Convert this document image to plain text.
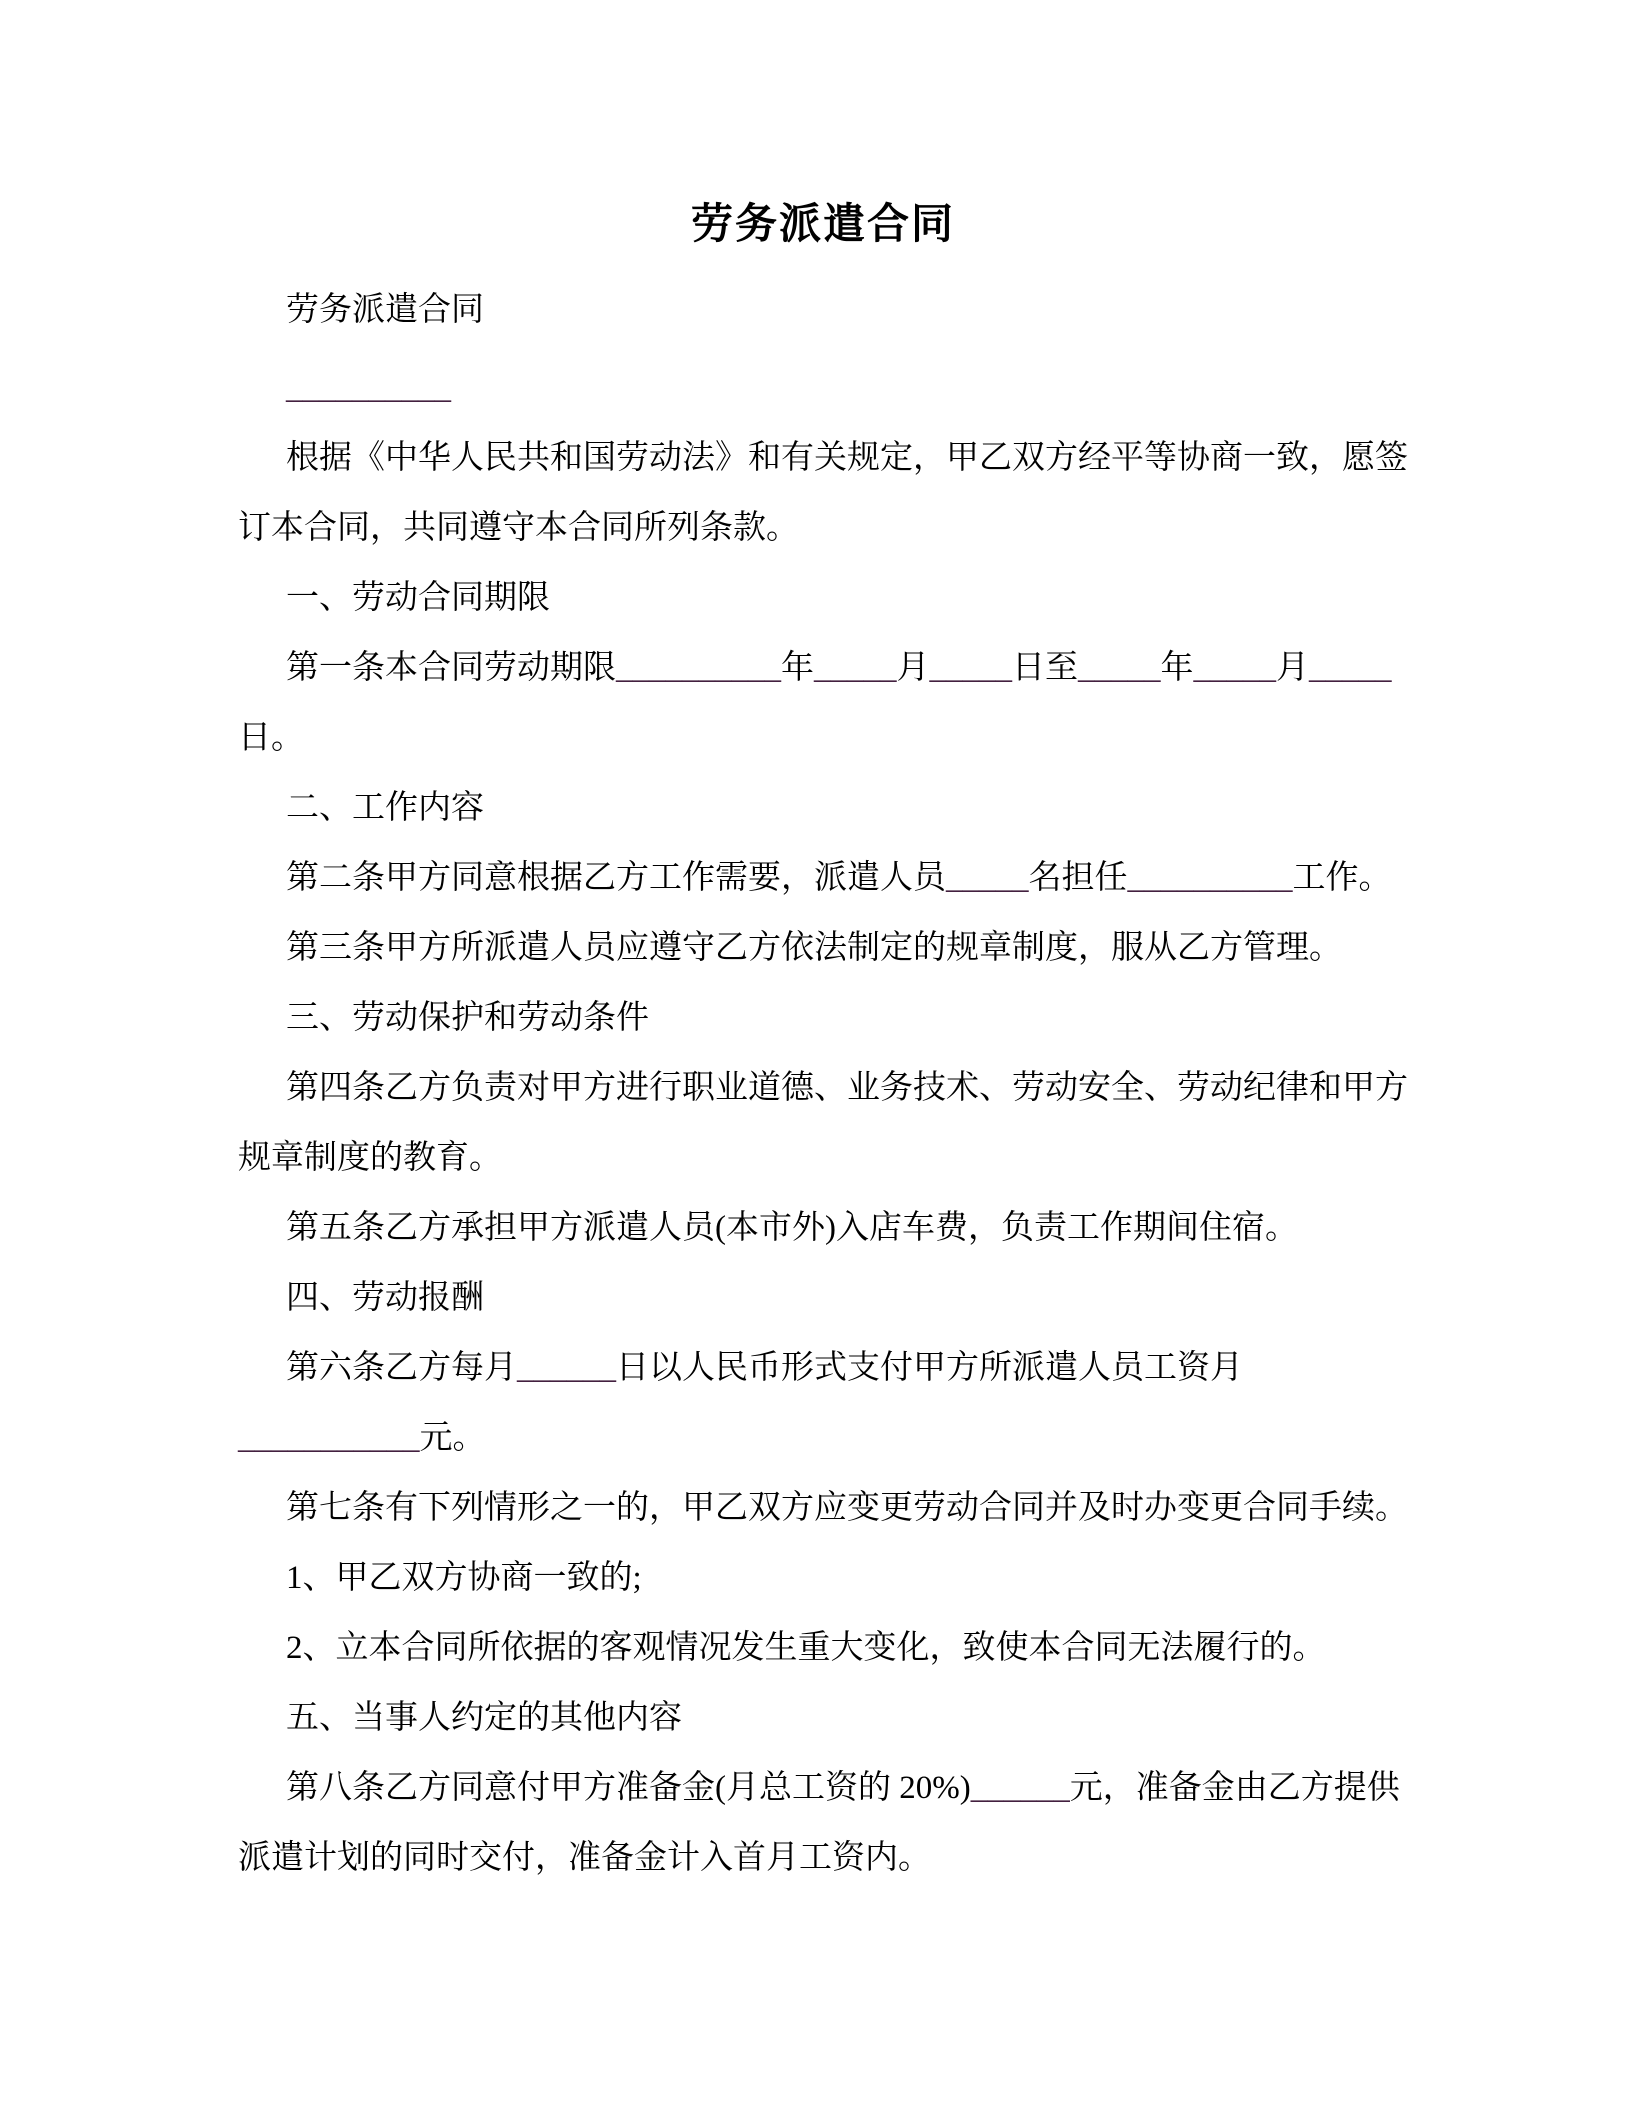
劳务派遣合同
劳务派遣合同
__________
根据《中华人民共和国劳动法》和有关规定，甲乙双方经平等协商一致，愿签
订本合同，共同遵守本合同所列条款。
一、劳动合同期限
第一条本合同劳动期限__________年_____月_____日至_____年_____月_____
日。
二、工作内容
第二条甲方同意根据乙方工作需要，派遣人员_____名担任__________工作。
第三条甲方所派遣人员应遵守乙方依法制定的规章制度，服从乙方管理。
三、劳动保护和劳动条件
第四条乙方负责对甲方进行职业道德、业务技术、劳动安全、劳动纪律和甲方
规章制度的教育。
第五条乙方承担甲方派遣人员(本市外)入店车费，负责工作期间住宿。
四、劳动报酬
第六条乙方每月______日以人民币形式支付甲方所派遣人员工资月
___________元。
第七条有下列情形之一的，甲乙双方应变更劳动合同并及时办变更合同手续。
1、甲乙双方协商一致的;
2、立本合同所依据的客观情况发生重大变化，致使本合同无法履行的。
五、当事人约定的其他内容
第八条乙方同意付甲方准备金(月总工资的 20%)______元，准备金由乙方提供
派遣计划的同时交付，准备金计入首月工资内。
